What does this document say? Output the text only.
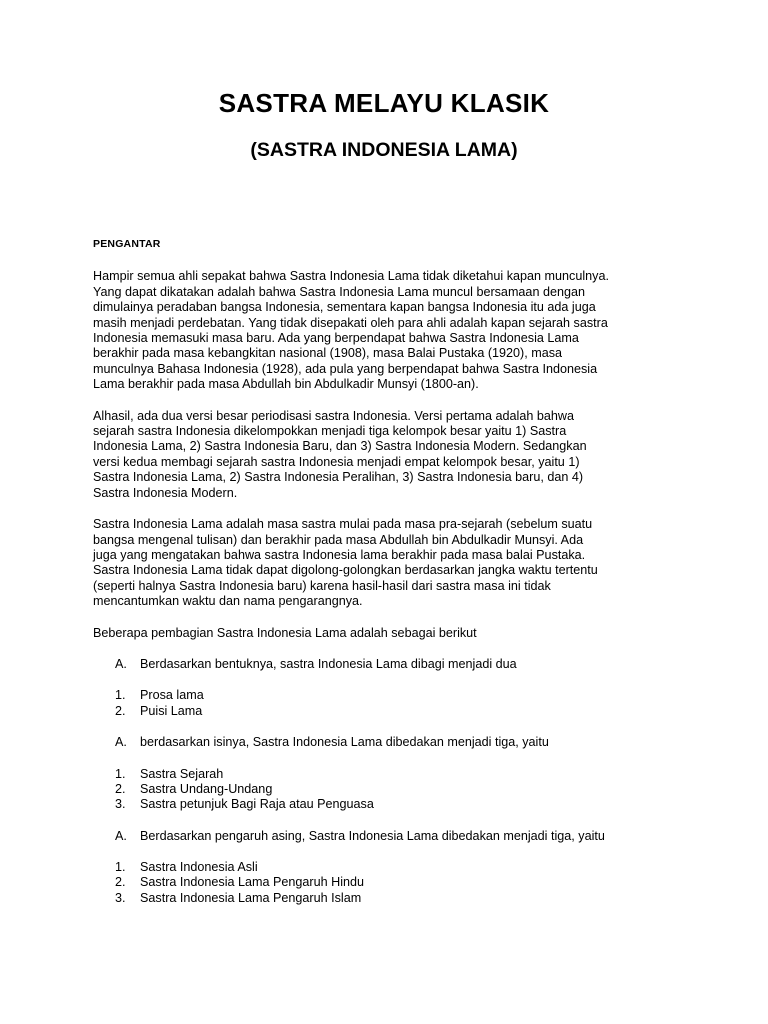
SASTRA MELAYU KLASIK
(SASTRA INDONESIA LAMA)
PENGANTAR

Hampir semua ahli sepakat bahwa Sastra Indonesia Lama tidak diketahui kapan munculnya.
Yang dapat dikatakan adalah bahwa Sastra Indonesia Lama muncul bersamaan dengan
dimulainya peradaban bangsa Indonesia, sementara kapan bangsa Indonesia itu ada juga
masih menjadi perdebatan. Yang tidak disepakati oleh para ahli adalah kapan sejarah sastra
Indonesia memasuki masa baru. Ada yang berpendapat bahwa Sastra Indonesia Lama
berakhir pada masa kebangkitan nasional (1908), masa Balai Pustaka (1920), masa
munculnya Bahasa Indonesia (1928), ada pula yang berpendapat bahwa Sastra Indonesia
Lama berakhir pada masa Abdullah bin Abdulkadir Munsyi (1800-an).

Alhasil, ada dua versi besar periodisasi sastra Indonesia. Versi pertama adalah bahwa
sejarah sastra Indonesia dikelompokkan menjadi tiga kelompok besar yaitu 1) Sastra
Indonesia Lama, 2) Sastra Indonesia Baru, dan 3) Sastra Indonesia Modern. Sedangkan
versi kedua membagi sejarah sastra Indonesia menjadi empat kelompok besar, yaitu 1)
Sastra Indonesia Lama, 2) Sastra Indonesia Peralihan, 3) Sastra Indonesia baru, dan 4)
Sastra Indonesia Modern.

Sastra Indonesia Lama adalah masa sastra mulai pada masa pra-sejarah (sebelum suatu
bangsa mengenal tulisan) dan berakhir pada masa Abdullah bin Abdulkadir Munsyi. Ada
juga yang mengatakan bahwa sastra Indonesia lama berakhir pada masa balai Pustaka.
Sastra Indonesia Lama tidak dapat digolong-golongkan berdasarkan jangka waktu tertentu
(seperti halnya Sastra Indonesia baru) karena hasil-hasil dari sastra masa ini tidak
mencantumkan waktu dan nama pengarangnya.

Beberapa pembagian Sastra Indonesia Lama adalah sebagai berikut

A.	Berdasarkan bentuknya, sastra Indonesia Lama dibagi menjadi dua
1.	Prosa lama
2.	Puisi Lama
A.	berdasarkan isinya, Sastra Indonesia Lama dibedakan menjadi tiga, yaitu
1.	Sastra Sejarah
2.	Sastra Undang-Undang
3.	Sastra petunjuk Bagi Raja atau Penguasa
A.	Berdasarkan pengaruh asing, Sastra Indonesia Lama dibedakan menjadi tiga, yaitu
1.	Sastra Indonesia Asli
2.	Sastra Indonesia Lama Pengaruh Hindu
3.	Sastra Indonesia Lama Pengaruh Islam
